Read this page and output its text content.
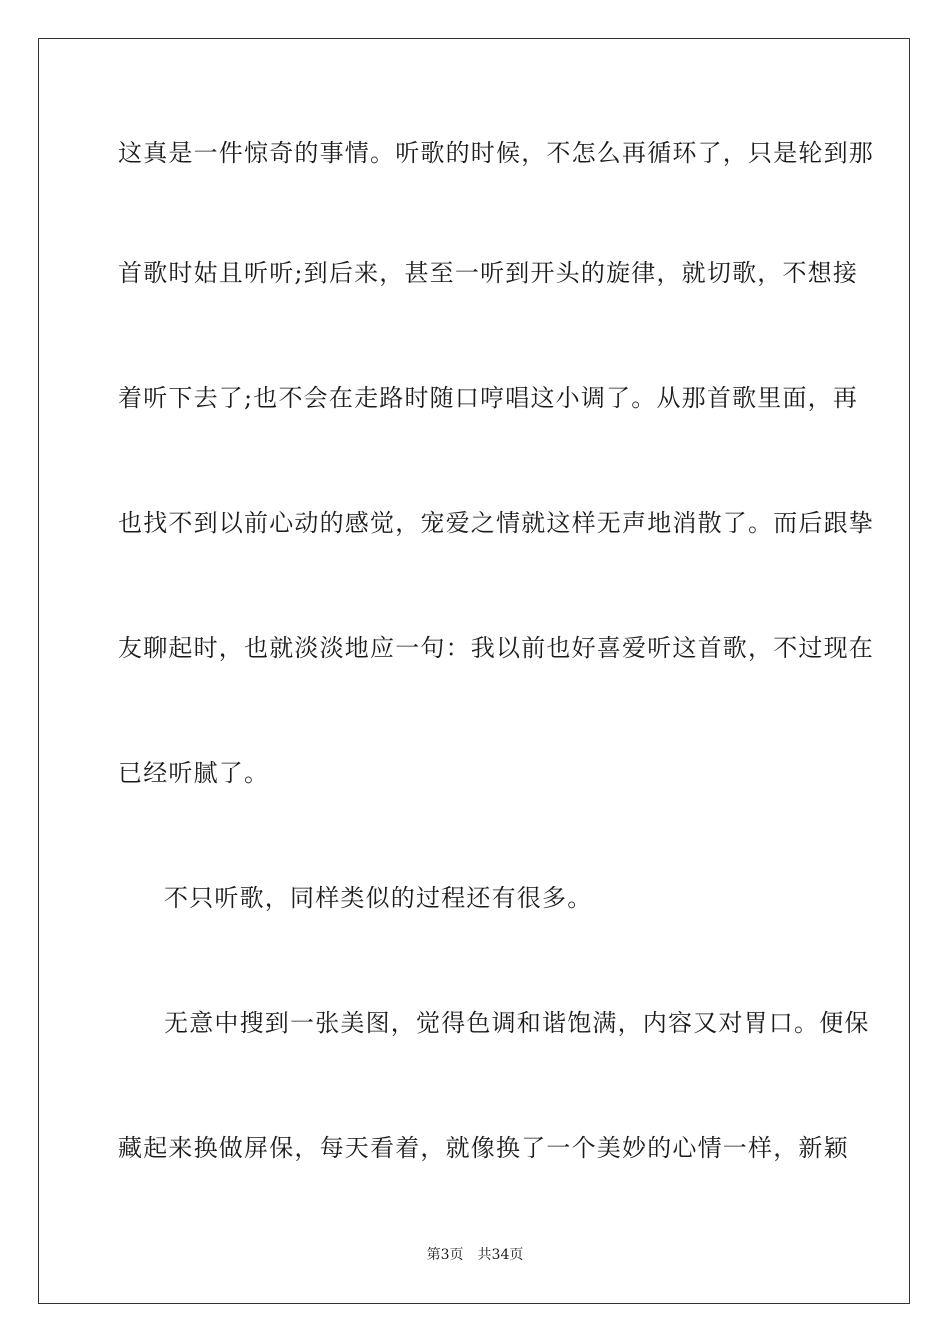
这真是一件惊奇的事情。听歌的时候，不怎么再循环了，只是轮到那
首歌时姑且听听;到后来，甚至一听到开头的旋律，就切歌，不想接
着听下去了;也不会在走路时随口哼唱这小调了。从那首歌里面，再
也找不到以前心动的感觉，宠爱之情就这样无声地消散了。而后跟挚
友聊起时，也就淡淡地应一句：我以前也好喜爱听这首歌，不过现在
已经听腻了。
不只听歌，同样类似的过程还有很多。
无意中搜到一张美图，觉得色调和谐饱满，内容又对胃口。便保
藏起来换做屏保，每天看着，就像换了一个美妙的心情一样，新颖
第3页 共34页
